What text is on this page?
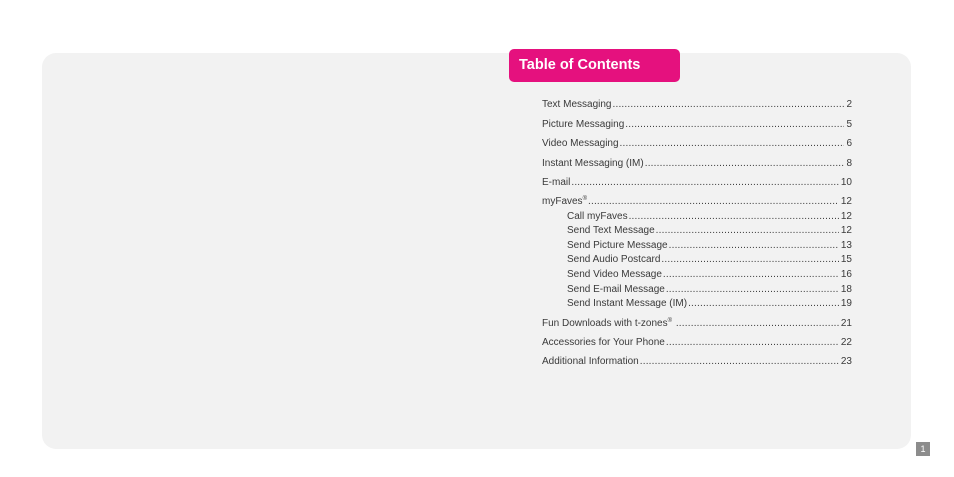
Table of Contents
Text Messaging .....	2
Picture Messaging .....	5
Video Messaging .....	6
Instant Messaging (IM) .....	8
E-mail .....	10
myFaves® .....	12
Call myFaves .....	12
Send Text Message .....	12
Send Picture Message .....	13
Send Audio Postcard .....	15
Send Video Message .....	16
Send E-mail Message .....	18
Send Instant Message (IM) .....	19
Fun Downloads with t-zones® .....	21
Accessories for Your Phone .....	22
Additional Information .....	23
1
